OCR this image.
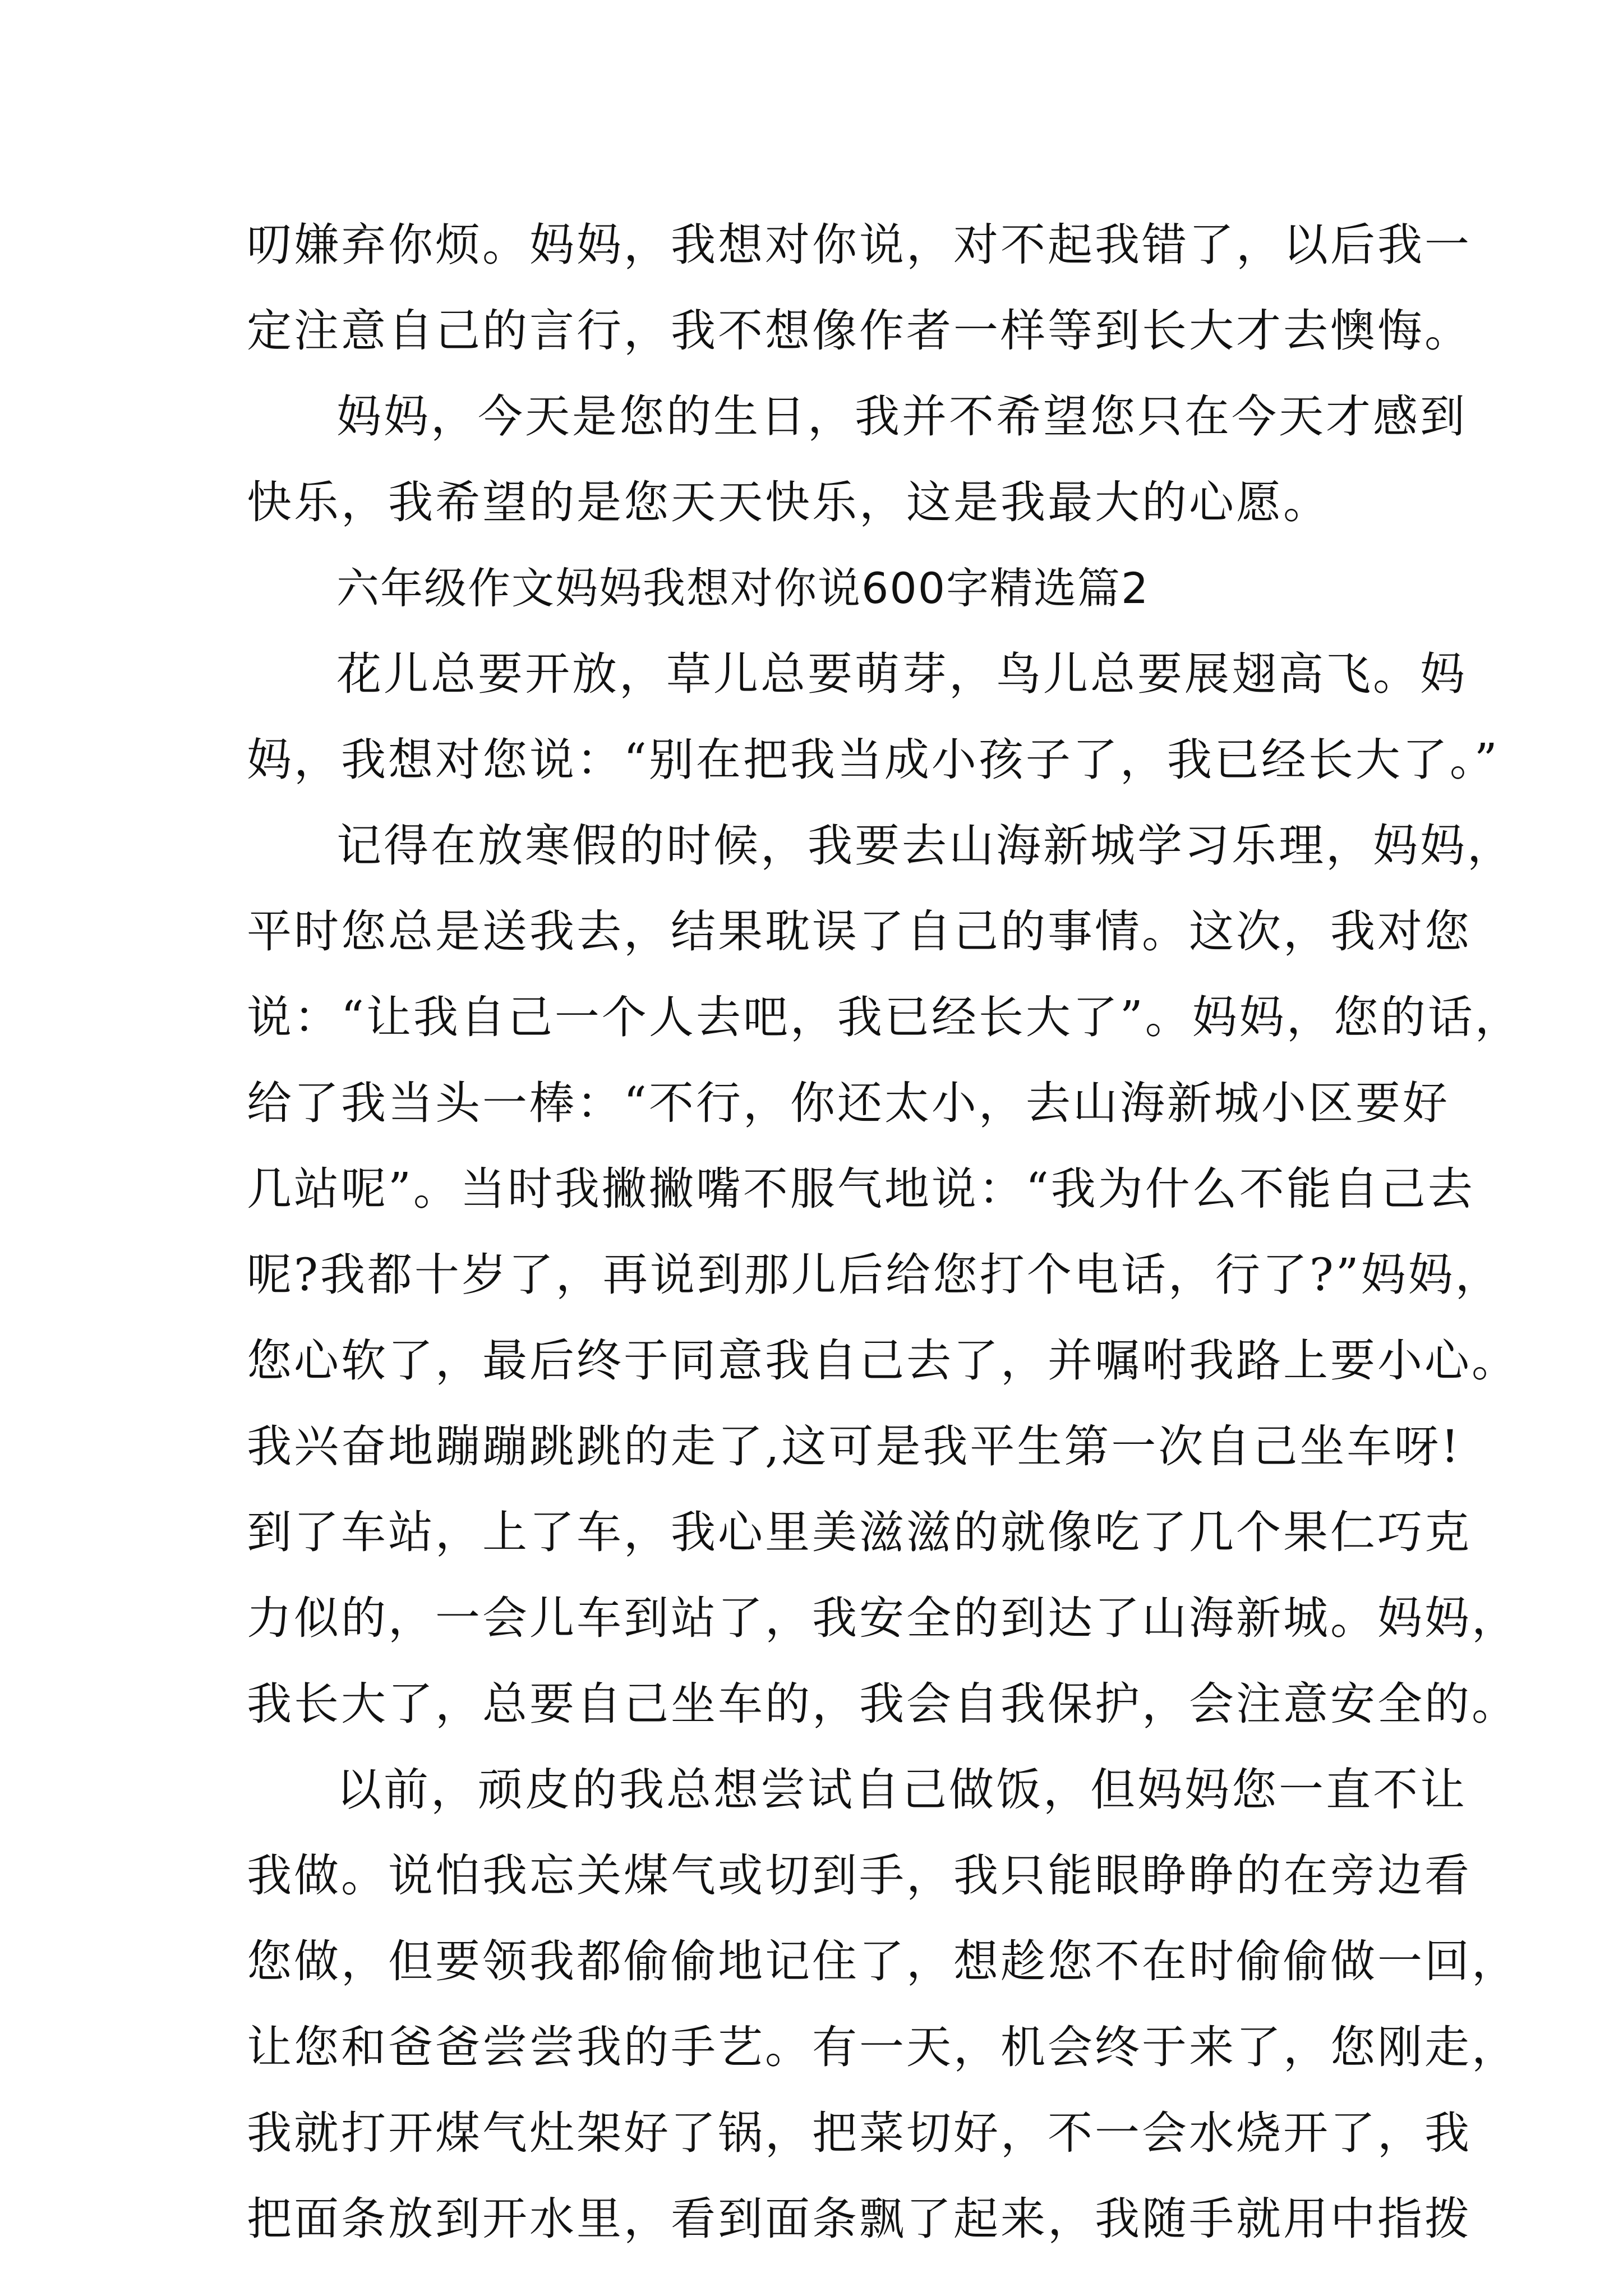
叨嫌弃你烦。妈妈，我想对你说，对不起我错了，以后我一
定注意自己的言行，我不想像作者一样等到长大才去懊悔。
妈妈，今天是您的生日，我并不希望您只在今天才感到
快乐，我希望的是您天天快乐，这是我最大的心愿。
六年级作文妈妈我想对你说600字精选篇2
花儿总要开放，草儿总要萌芽，鸟儿总要展翅高飞。妈
妈，我想对您说：“别在把我当成小孩子了，我已经长大了。”
记得在放寒假的时候，我要去山海新城学习乐理，妈妈，
平时您总是送我去，结果耽误了自己的事情。这次，我对您
说：“让我自己一个人去吧，我已经长大了”。妈妈，您的话，
给了我当头一棒：“不行，你还太小，去山海新城小区要好
几站呢”。当时我撇撇嘴不服气地说：“我为什么不能自己去
呢?我都十岁了，再说到那儿后给您打个电话，行了?”妈妈，
您心软了，最后终于同意我自己去了，并嘱咐我路上要小心。
我兴奋地蹦蹦跳跳的走了,这可是我平生第一次自己坐车呀!
到了车站，上了车，我心里美滋滋的就像吃了几个果仁巧克
力似的，一会儿车到站了，我安全的到达了山海新城。妈妈，
我长大了，总要自己坐车的，我会自我保护，会注意安全的。
以前，顽皮的我总想尝试自己做饭，但妈妈您一直不让
我做。说怕我忘关煤气或切到手，我只能眼睁睁的在旁边看
您做，但要领我都偷偷地记住了，想趁您不在时偷偷做一回，
让您和爸爸尝尝我的手艺。有一天，机会终于来了，您刚走，
我就打开煤气灶架好了锅，把菜切好，不一会水烧开了，我
把面条放到开水里，看到面条飘了起来，我随手就用中指拨
